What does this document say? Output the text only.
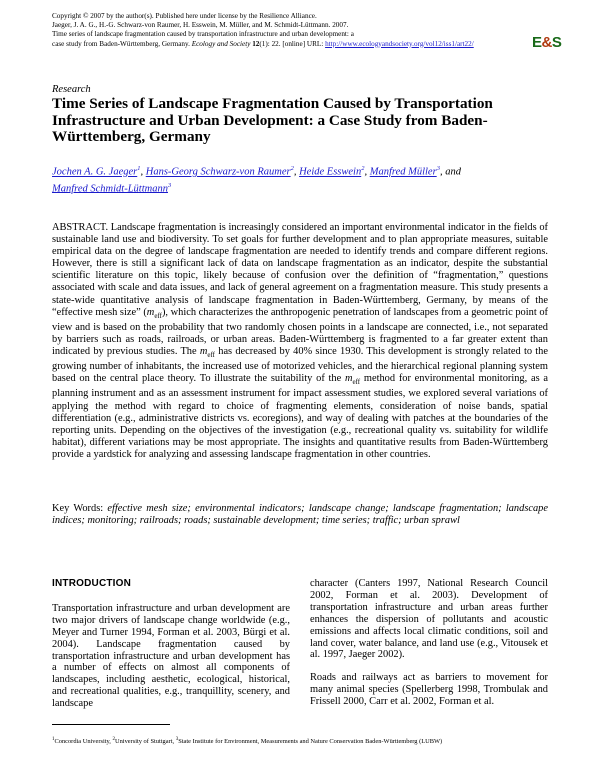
Copyright © 2007 by the author(s). Published here under license by the Resilience Alliance.
Jaeger, J. A. G., H.-G. Schwarz-von Raumer, H. Esswein, M. Müller, and M. Schmidt-Lüttmann. 2007.
Time series of landscape fragmentation caused by transportation infrastructure and urban development: a
case study from Baden-Württemberg, Germany. Ecology and Society 12(1): 22. [online] URL: http://www.ecologyandsociety.org/vol12/iss1/art22/	E&S
Research
Time Series of Landscape Fragmentation Caused by Transportation Infrastructure and Urban Development: a Case Study from Baden-Württemberg, Germany
Jochen A. G. Jaeger$^1$, Hans-Georg Schwarz-von Raumer$^2$, Heide Esswein$^2$, Manfred Müller$^3$, and
Manfred Schmidt-Lüttmann$^3$
ABSTRACT. Landscape fragmentation is increasingly considered an important environmental indicator in the fields of sustainable land use and biodiversity. To set goals for further development and to plan appropriate measures, suitable empirical data on the degree of landscape fragmentation are needed to identify trends and compare different regions. However, there is still a significant lack of data on landscape fragmentation as an indicator, despite the substantial scientific literature on this topic, likely because of confusion over the definition of “fragmentation,” questions associated with scale and data issues, and lack of general agreement on a fragmentation measure. This study presents a state-wide quantitative analysis of landscape fragmentation in Baden-Württemberg, Germany, by means of the “effective mesh size” $(m_{eff})$, which characterizes the anthropogenic penetration of landscapes from a geometric point of view and is based on the probability that two randomly chosen points in a landscape are connected, i.e., not separated by barriers such as roads, railroads, or urban areas. Baden-Württemberg is fragmented to a far greater extent than indicated by previous studies. The $m_{eff}$ has decreased by 40% since 1930. This development is strongly related to the growing number of inhabitants, the increased use of motorized vehicles, and the hierarchical regional planning system based on the central place theory. To illustrate the suitability of the $m_{eff}$ method for environmental monitoring, as a planning instrument and as an assessment instrument for impact assessment studies, we explored several variations of applying the method with regard to choice of fragmenting elements, consideration of noise bands, spatial differentiation (e.g., administrative districts vs. ecoregions), and way of dealing with patches at the boundaries of the reporting units. Depending on the objectives of the investigation (e.g., recreational quality vs. suitability for wildlife habitat), different variations may be most appropriate. The insights and quantitative results from Baden-Württemberg provide a yardstick for analyzing and assessing landscape fragmentation in other countries.
Key Words: effective mesh size; environmental indicators; landscape change; landscape fragmentation; landscape indices; monitoring; railroads; roads; sustainable development; time series; traffic; urban sprawl
INTRODUCTION

Transportation infrastructure and urban development are two major drivers of landscape change worldwide (e.g., Meyer and Turner 1994, Forman et al. 2003, Bürgi et al. 2004). Landscape fragmentation caused by transportation infrastructure and urban development has a number of effects on almost all components of landscapes, including aesthetic, ecological, historical, and recreational qualities, e.g., tranquillity, scenery, and landscape

character (Canters 1997, National Research Council 2002, Forman et al. 2003). Development of transportation infrastructure and urban areas further enhances the dispersion of pollutants and acoustic emissions and affects local climatic conditions, soil and land cover, water balance, and land use (e.g., Vitousek et al. 1997, Jaeger 2002).

Roads and railways act as barriers to movement for many animal species (Spellerberg 1998, Trombulak and Frissell 2000, Carr et al. 2002, Forman et al.

$^1$Concordia University, $^2$University of Stuttgart, $^3$State Institute for Environment, Measurements and Nature Conservation Baden-Württemberg (LUBW)
